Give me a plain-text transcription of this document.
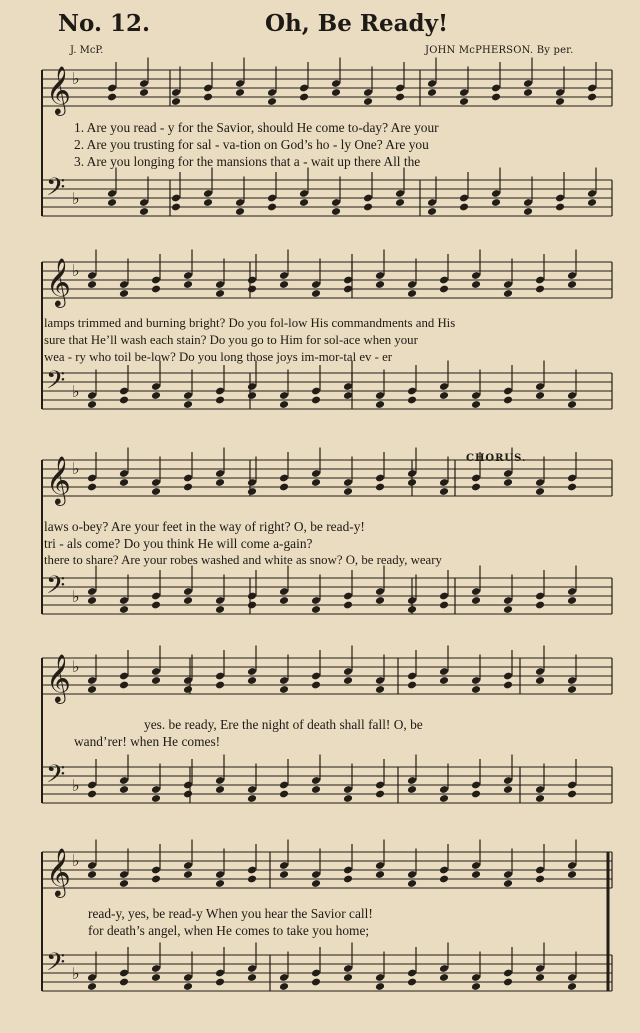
No. 12.	Oh, Be Ready!
J. McP.	JOHN McPHERSON. By per.
CHORUS.
1. Are you read - y for the Savior, should He come to-day? Are your
2. Are you trusting for sal - va-tion on God’s ho - ly One? Are you
3. Are you longing for the mansions that a - wait up there All the
lamps trimmed and burning bright? Do you fol-low His commandments and His
sure that He’ll wash each stain? Do you go to Him for sol-ace when your
wea - ry who toil be-low? Do you long those joys im-mor-tal ev - er
laws o-bey? Are your feet in the way of right? O, be read-y!
tri - als come? Do you think He will come a-gain?
there to share? Are your robes washed and white as snow? O, be ready, weary
yes. be ready, Ere the night of death shall fall! O, be
wand’rer! when He comes!
read-y, yes, be read-y When you hear the Savior call!
for death’s angel, when He comes to take you home;
𝄞 ♭
𝄢 ♭
𝄞 ♭
𝄢 ♭
𝄞 ♭
𝄢 ♭
𝄞 ♭
𝄢 ♭
𝄞 ♭
𝄢 ♭
